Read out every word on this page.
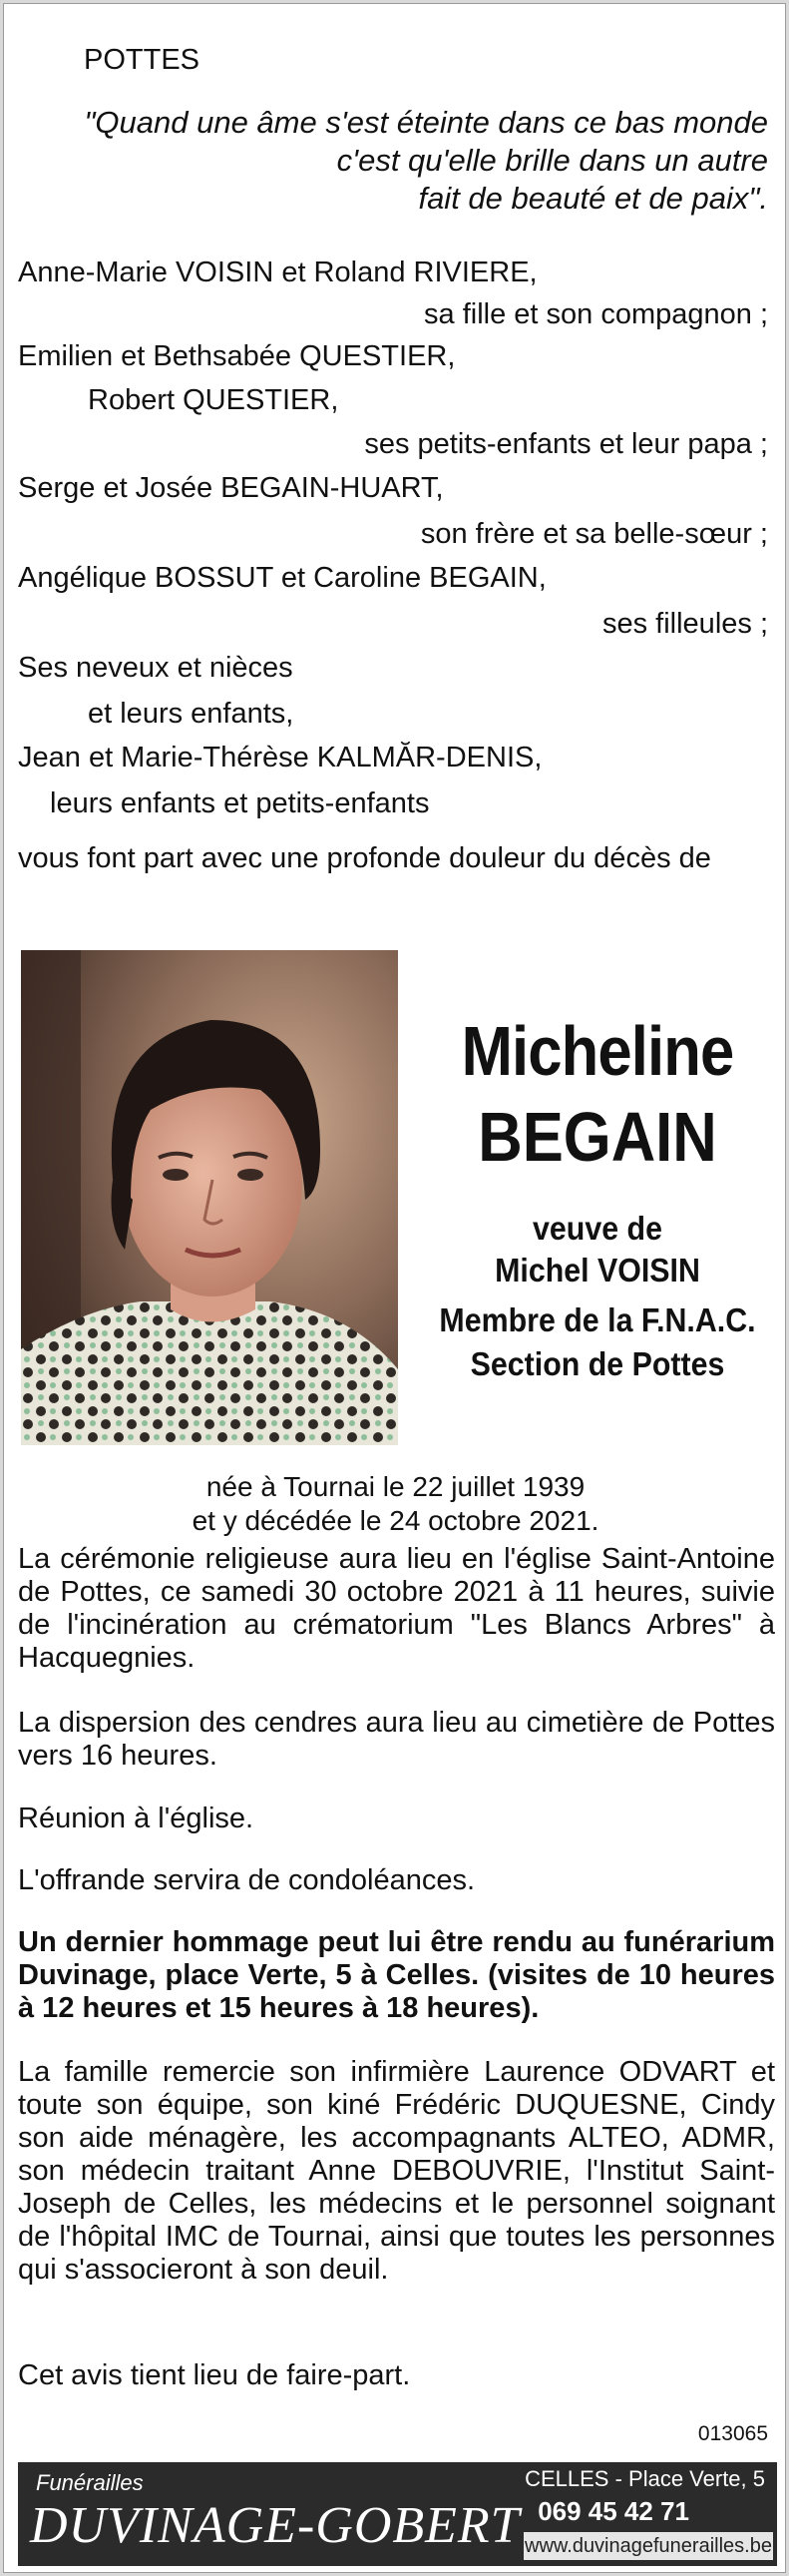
POTTES
"Quand une âme s'est éteinte dans ce bas monde
c'est qu'elle brille dans un autre
fait de beauté et de paix".
Anne-Marie VOISIN et Roland RIVIERE,
sa fille et son compagnon ;
Emilien et Bethsabée QUESTIER,
Robert QUESTIER,
ses petits-enfants et leur papa ;
Serge et Josée BEGAIN-HUART,
son frère et sa belle-sœur ;
Angélique BOSSUT et Caroline BEGAIN,
ses filleules ;
Ses neveux et nièces
et leurs enfants,
Jean et Marie-Thérèse KALMĂR-DENIS,
leurs enfants et petits-enfants
vous font part avec une profonde douleur du décès de
Micheline
BEGAIN
veuve de
Michel VOISIN
Membre de la F.N.A.C.
Section de Pottes
née à Tournai le 22 juillet 1939
et y décédée le 24 octobre 2021.
La cérémonie religieuse aura lieu en l'église Saint-Antoine de Pottes, ce samedi 30 octobre 2021 à 11 heures, suivie de l'incinération au crématorium "Les Blancs Arbres" à Hacquegnies.
La dispersion des cendres aura lieu au cimetière de Pottes vers 16 heures.
Réunion à l'église.
L'offrande servira de condoléances.
Un dernier hommage peut lui être rendu au funérarium Duvinage, place Verte, 5 à Celles. (visites de 10 heures à 12 heures et 15 heures à 18 heures).
La famille remercie son infirmière Laurence ODVART et toute son équipe, son kiné Frédéric DUQUESNE, Cindy son aide ménagère, les accompagnants ALTEO, ADMR, son médecin traitant Anne DEBOUVRIE, l'Institut Saint-Joseph de Celles, les médecins et le personnel soignant de l'hôpital IMC de Tournai, ainsi que toutes les personnes qui s'associeront à son deuil.
Cet avis tient lieu de faire-part.
013065
Funérailles
DUVINAGE-GOBERT
CELLES - Place Verte, 5
069 45 42 71
www.duvinagefunerailles.be
